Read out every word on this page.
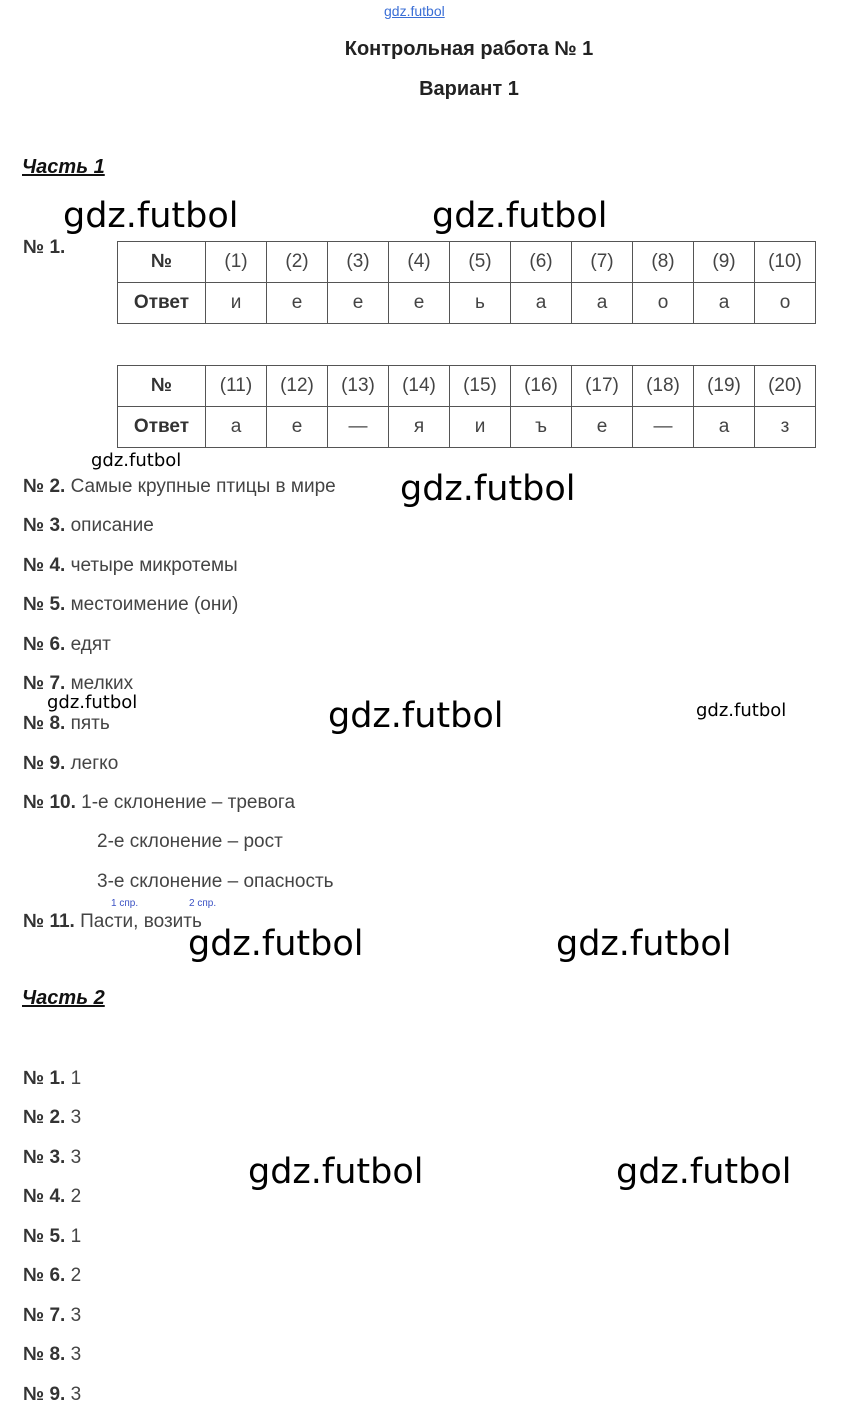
gdz.futbol
Контрольная работа № 1
Вариант 1
Часть 1
№ 1.
№	(1)	(2)	(3)	(4)	(5)	(6)	(7)	(8)	(9)	(10)
Ответ	и	е	е	е	ь	а	а	о	а	о
№	(11)	(12)	(13)	(14)	(15)	(16)	(17)	(18)	(19)	(20)
Ответ	а	е	—	я	и	ъ	е	—	а	з
№ 2. Самые крупные птицы в мире
№ 3. описание
№ 4. четыре микротемы
№ 5. местоимение (они)
№ 6. едят
№ 7. мелких
№ 8. пять
№ 9. легко
№ 10. 1-е склонение – тревога
2-е склонение – рост
3-е склонение – опасность
1 спр.	2 спр.
№ 11. Пасти, возить
Часть 2
№ 1. 1
№ 2. 3
№ 3. 3
№ 4. 2
№ 5. 1
№ 6. 2
№ 7. 3
№ 8. 3
№ 9. 3
gdz.futbol	gdz.futbol
gdz.futbol
gdz.futbol
gdz.futbol	gdz.futbol	gdz.futbol
gdz.futbol	gdz.futbol
gdz.futbol	gdz.futbol
